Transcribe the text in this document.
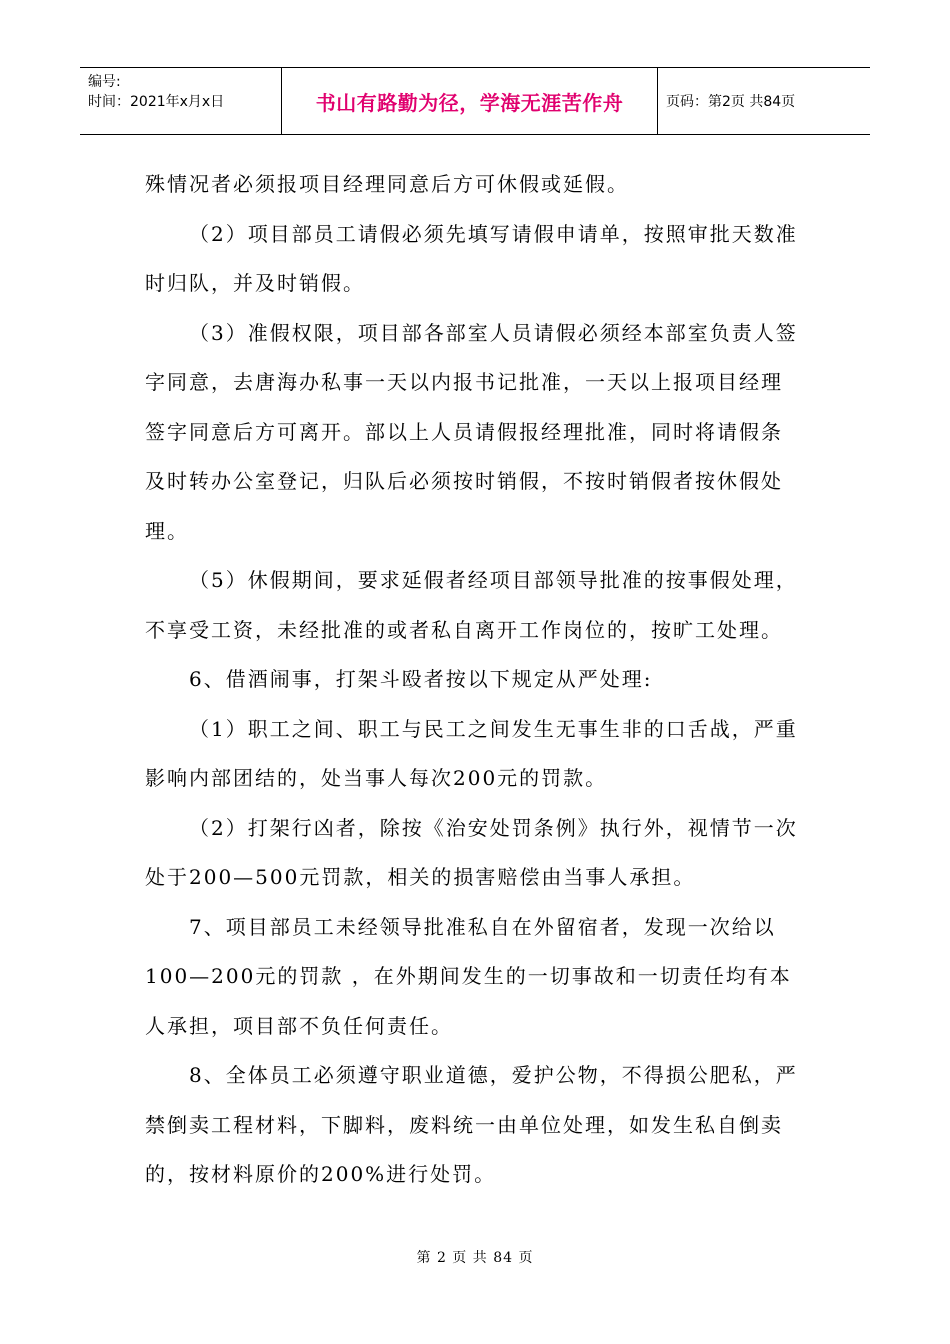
编号:
时间：2021年x月x日	书山有路勤为径，学海无涯苦作舟	页码：第2页 共84页
殊情况者必须报项目经理同意后方可休假或延假。
（2）项目部员工请假必须先填写请假申请单，按照审批天数准
时归队，并及时销假。
（3）准假权限，项目部各部室人员请假必须经本部室负责人签
字同意，去唐海办私事一天以内报书记批准，一天以上报项目经理
签字同意后方可离开。部以上人员请假报经理批准，同时将请假条
及时转办公室登记，归队后必须按时销假，不按时销假者按休假处
理。
（5）休假期间，要求延假者经项目部领导批准的按事假处理，
不享受工资，未经批准的或者私自离开工作岗位的，按旷工处理。
6、借酒闹事，打架斗殴者按以下规定从严处理:
（1）职工之间、职工与民工之间发生无事生非的口舌战，严重
影响内部团结的，处当事人每次200元的罚款。
（2）打架行凶者，除按《治安处罚条例》执行外，视情节一次
处于200—500元罚款，相关的损害赔偿由当事人承担。
7、项目部员工未经领导批准私自在外留宿者，发现一次给以
100—200元的罚款 ，在外期间发生的一切事故和一切责任均有本
人承担，项目部不负任何责任。
8、全体员工必须遵守职业道德，爱护公物，不得损公肥私，严
禁倒卖工程材料，下脚料，废料统一由单位处理，如发生私自倒卖
的，按材料原价的200%进行处罚。
第 2 页 共 84 页
